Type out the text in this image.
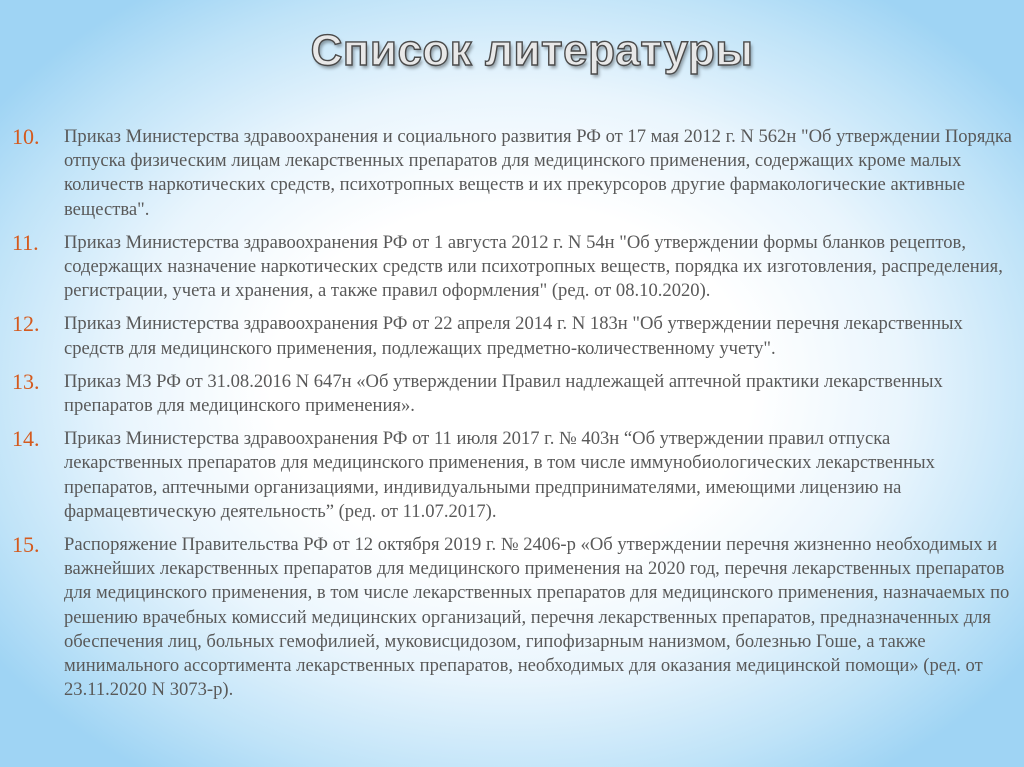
Список литературы
10. Приказ Министерства здравоохранения и социального развития РФ от 17 мая 2012 г. N 562н "Об утверждении Порядка отпуска физическим лицам лекарственных препаратов для медицинского применения, содержащих кроме малых количеств наркотических средств, психотропных веществ и их прекурсоров другие фармакологические активные вещества".
11. Приказ Министерства здравоохранения РФ от 1 августа 2012 г. N 54н "Об утверждении формы бланков рецептов, содержащих назначение наркотических средств или психотропных веществ, порядка их изготовления, распределения, регистрации, учета и хранения, а также правил оформления" (ред. от 08.10.2020).
12. Приказ Министерства здравоохранения РФ от 22 апреля 2014 г. N 183н "Об утверждении перечня лекарственных средств для медицинского применения, подлежащих предметно-количественному учету".
13. Приказ МЗ РФ от 31.08.2016 N 647н «Об утверждении Правил надлежащей аптечной практики лекарственных препаратов для медицинского применения».
14. Приказ Министерства здравоохранения РФ от 11 июля 2017 г. № 403н “Об утверждении правил отпуска лекарственных препаратов для медицинского применения, в том числе иммунобиологических лекарственных препаратов, аптечными организациями, индивидуальными предпринимателями, имеющими лицензию на фармацевтическую деятельность” (ред. от 11.07.2017).
15. Распоряжение Правительства РФ от 12 октября 2019 г. № 2406-р «Об утверждении перечня жизненно необходимых и важнейших лекарственных препаратов для медицинского применения на 2020 год, перечня лекарственных препаратов для медицинского применения, в том числе лекарственных препаратов для медицинского применения, назначаемых по решению врачебных комиссий медицинских организаций, перечня лекарственных препаратов, предназначенных для обеспечения лиц, больных гемофилией, муковисцидозом, гипофизарным нанизмом, болезнью Гоше, а также минимального ассортимента лекарственных препаратов, необходимых для оказания медицинской помощи» (ред. от 23.11.2020 N 3073-р).
